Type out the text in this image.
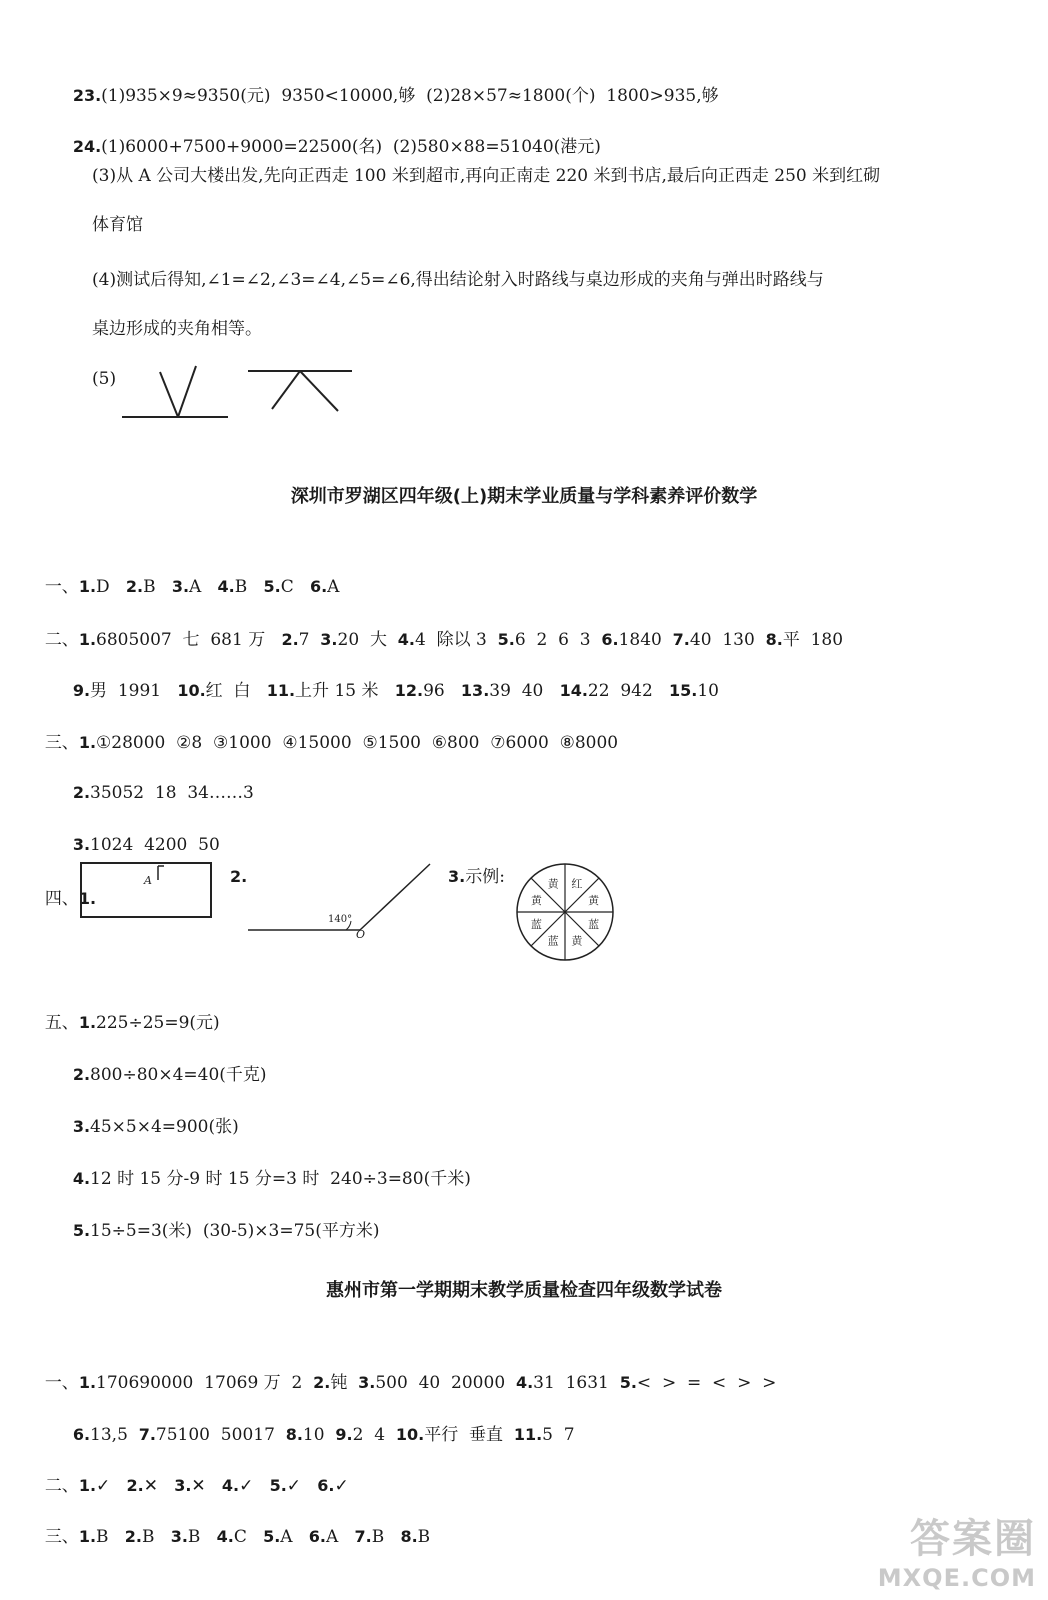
23.(1)935×9≈9350(元)  9350<10000,够  (2)28×57≈1800(个)  1800>935,够

24.(1)6000+7500+9000=22500(名)  (2)580×88=51040(港元)

(3)从 A 公司大楼出发,先向正西走 100 米到超市,再向正南走 220 米到书店,最后向正西走 250 米到红砌
体育馆
(4)测试后得知,∠1=∠2,∠3=∠4,∠5=∠6,得出结论射入时路线与桌边形成的夹角与弹出时路线与
桌边形成的夹角相等。
(5)
深圳市罗湖区四年级(上)期末学业质量与学科素养评价数学

一、1.D 2.B 3.A 4.B 5.C 6.A

二、1.6805007  七  681 万 2.7 3.20  大 4.4  除以 3 5.6  2  6  3 6.1840 7.40  130 8.平  180

9.男  1991 10.红  白 11.上升 15 米 12.96 13.39  40 14.22  942 15.10

三、1.①28000  ②8  ③1000  ④15000  ⑤1500  ⑥800  ⑦6000  ⑧8000

2.35052  18  34……3

3.1024  4200  50

四、1.

A	2.
140°
O
3.示例:	红
黄
蓝
黄
蓝
蓝
黄
黄

五、1.225÷25=9(元)

2.800÷80×4=40(千克)

3.45×5×4=900(张)

4.12 时 15 分-9 时 15 分=3 时  240÷3=80(千米)

5.15÷5=3(米)  (30-5)×3=75(平方米)

惠州市第一学期期末教学质量检查四年级数学试卷

一、1.170690000  17069 万  2 2.钝 3.500  40  20000 4.31  1631 5.<  >  =  <  >  >

6.13,5 7.75100  50017 8.10 9.2  4 10.平行  垂直 11.5  7

二、1.✓ 2.✕ 3.✕ 4.✓ 5.✓ 6.✓

三、1.B 2.B 3.B 4.C 5.A 6.A 7.B 8.B	答案圈
MXQE.COM
